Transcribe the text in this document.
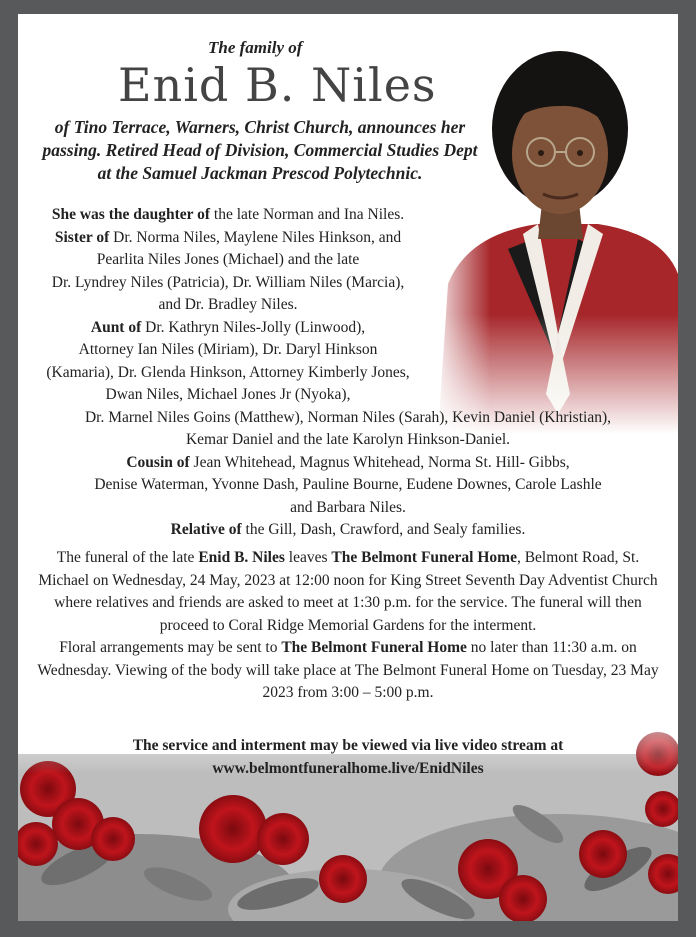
The family of
Enid B. Niles
of Tino Terrace, Warners, Christ Church, announces her passing. Retired Head of Division, Commercial Studies Dept at the Samuel Jackman Prescod Polytechnic.

She was the daughter of the late Norman and Ina Niles.

Sister of Dr. Norma Niles, Maylene Niles Hinkson, and

Pearlita Niles Jones (Michael) and the late

Dr. Lyndrey Niles (Patricia), Dr. William Niles (Marcia),

and Dr. Bradley Niles.

Aunt of Dr. Kathryn Niles-Jolly (Linwood),

Attorney Ian Niles (Miriam), Dr. Daryl Hinkson

(Kamaria), Dr. Glenda Hinkson, Attorney Kimberly Jones,

Dwan Niles, Michael Jones Jr (Nyoka),

Dr. Marnel Niles Goins (Matthew), Norman Niles (Sarah), Kevin Daniel (Khristian),

Kemar Daniel and the late Karolyn Hinkson-Daniel.

Cousin of Jean Whitehead, Magnus Whitehead, Norma St. Hill- Gibbs,

Denise Waterman, Yvonne Dash, Pauline Bourne, Eudene Downes, Carole Lashle

and Barbara Niles.

Relative of the Gill, Dash, Crawford, and Sealy families.

The funeral of the late Enid B. Niles leaves The Belmont Funeral Home, Belmont Road, St. Michael on Wednesday, 24 May, 2023 at 12:00 noon for King Street Seventh Day Adventist Church where relatives and friends are asked to meet at 1:30 p.m. for the service. The funeral will then proceed to Coral Ridge Memorial Gardens for the interment.

Floral arrangements may be sent to The Belmont Funeral Home no later than 11:30 a.m. on Wednesday. Viewing of the body will take place at The Belmont Funeral Home on Tuesday, 23 May 2023 from 3:00 – 5:00 p.m.

The service and interment may be viewed via live video stream at
www.belmontfuneralhome.live/EnidNiles
